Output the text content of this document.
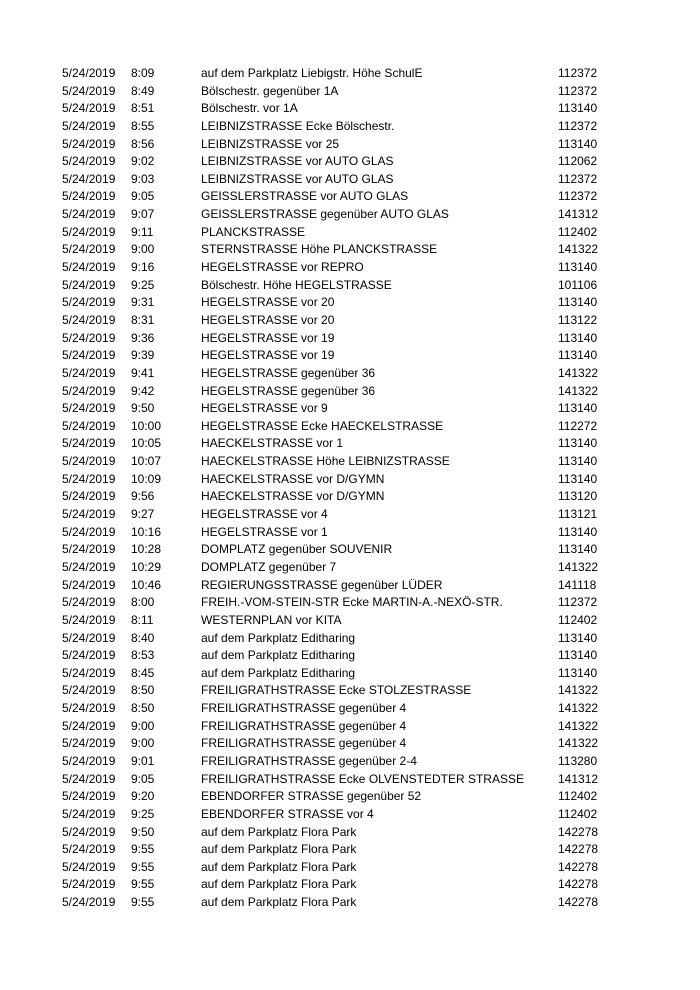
5/24/2019 8:09	auf dem Parkplatz Liebigstr. Höhe SchulE	112372
5/24/2019 8:49	Bölschestr. gegenüber 1A	112372
5/24/2019 8:51	Bölschestr. vor 1A	113140
5/24/2019 8:55	LEIBNIZSTRASSE Ecke Bölschestr.	112372
5/24/2019 8:56	LEIBNIZSTRASSE vor 25	113140
5/24/2019 9:02	LEIBNIZSTRASSE vor AUTO GLAS	112062
5/24/2019 9:03	LEIBNIZSTRASSE vor AUTO GLAS	112372
5/24/2019 9:05	GEISSLERSTRASSE vor AUTO GLAS	112372
5/24/2019 9:07	GEISSLERSTRASSE gegenüber AUTO GLAS	141312
5/24/2019 9:11	PLANCKSTRASSE	112402
5/24/2019 9:00	STERNSTRASSE Höhe PLANCKSTRASSE	141322
5/24/2019 9:16	HEGELSTRASSE vor REPRO	113140
5/24/2019 9:25	Bölschestr. Höhe HEGELSTRASSE	101106
5/24/2019 9:31	HEGELSTRASSE vor 20	113140
5/24/2019 8:31	HEGELSTRASSE vor 20	113122
5/24/2019 9:36	HEGELSTRASSE vor 19	113140
5/24/2019 9:39	HEGELSTRASSE vor 19	113140
5/24/2019 9:41	HEGELSTRASSE gegenüber 36	141322
5/24/2019 9:42	HEGELSTRASSE gegenüber 36	141322
5/24/2019 9:50	HEGELSTRASSE vor 9	113140
5/24/2019 10:00	HEGELSTRASSE Ecke HAECKELSTRASSE	112272
5/24/2019 10:05	HAECKELSTRASSE vor 1	113140
5/24/2019 10:07	HAECKELSTRASSE Höhe LEIBNIZSTRASSE	113140
5/24/2019 10:09	HAECKELSTRASSE vor D/GYMN	113140
5/24/2019 9:56	HAECKELSTRASSE vor D/GYMN	113120
5/24/2019 9:27	HEGELSTRASSE vor 4	113121
5/24/2019 10:16	HEGELSTRASSE vor 1	113140
5/24/2019 10:28	DOMPLATZ gegenüber SOUVENIR	113140
5/24/2019 10:29	DOMPLATZ gegenüber 7	141322
5/24/2019 10:46	REGIERUNGSSTRASSE gegenüber LÜDER	141118
5/24/2019 8:00	FREIH.-VOM-STEIN-STR Ecke MARTIN-A.-NEXÖ-STR.	112372
5/24/2019 8:11	WESTERNPLAN vor KITA	112402
5/24/2019 8:40	auf dem Parkplatz Editharing	113140
5/24/2019 8:53	auf dem Parkplatz Editharing	113140
5/24/2019 8:45	auf dem Parkplatz Editharing	113140
5/24/2019 8:50	FREILIGRATHSTRASSE Ecke STOLZESTRASSE	141322
5/24/2019 8:50	FREILIGRATHSTRASSE gegenüber 4	141322
5/24/2019 9:00	FREILIGRATHSTRASSE gegenüber 4	141322
5/24/2019 9:00	FREILIGRATHSTRASSE gegenüber 4	141322
5/24/2019 9:01	FREILIGRATHSTRASSE gegenüber 2-4	113280
5/24/2019 9:05	FREILIGRATHSTRASSE Ecke OLVENSTEDTER STRASSE	141312
5/24/2019 9:20	EBENDORFER STRASSE gegenüber 52	112402
5/24/2019 9:25	EBENDORFER STRASSE vor 4	112402
5/24/2019 9:50	auf dem Parkplatz Flora Park	142278
5/24/2019 9:55	auf dem Parkplatz Flora Park	142278
5/24/2019 9:55	auf dem Parkplatz Flora Park	142278
5/24/2019 9:55	auf dem Parkplatz Flora Park	142278
5/24/2019 9:55	auf dem Parkplatz Flora Park	142278
